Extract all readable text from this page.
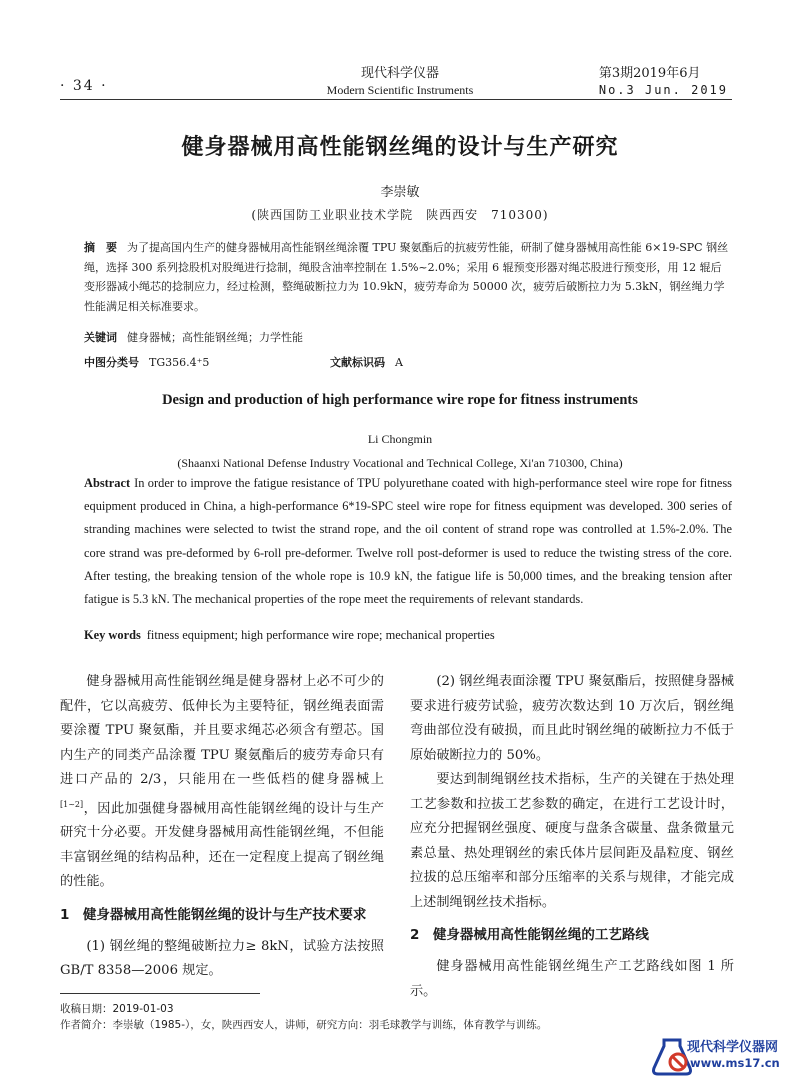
· 34 ·
现代科学仪器
Modern Scientific Instruments
第3期2019年6月
No.3 Jun. 2019
健身器械用高性能钢丝绳的设计与生产研究
李崇敏
(陕西国防工业职业技术学院　陕西西安　710300)
摘　要 为了提高国内生产的健身器械用高性能钢丝绳涂覆 TPU 聚氨酯后的抗疲劳性能，研制了健身器械用高性能 6×19-SPC 钢丝绳，选择 300 系列捻股机对股绳进行捻制，绳股含油率控制在 1.5%~2.0%；采用 6 辊预变形器对绳芯股进行预变形，用 12 辊后变形器减小绳芯的捻制应力，经过检测，整绳破断拉力为 10.9kN，疲劳寿命为 50000 次，疲劳后破断拉力为 5.3kN，钢丝绳力学性能满足相关标准要求。
关键词 健身器械；高性能钢丝绳；力学性能
中图分类号 TG356.4⁺5	文献标识码 A
Design and production of high performance wire rope for fitness instruments
Li Chongmin
(Shaanxi National Defense Industry Vocational and Technical College, Xi'an 710300, China)
Abstract In order to improve the fatigue resistance of TPU polyurethane coated with high-performance steel wire rope for fitness equipment produced in China, a high-performance 6*19-SPC steel wire rope for fitness equipment was developed. 300 series of stranding machines were selected to twist the strand rope, and the oil content of strand rope was controlled at 1.5%-2.0%. The core strand was pre-deformed by 6-roll pre-deformer. Twelve roll post-deformer is used to reduce the twisting stress of the core. After testing, the breaking tension of the whole rope is 10.9 kN, the fatigue life is 50,000 times, and the breaking tension after fatigue is 5.3 kN. The mechanical properties of the rope meet the requirements of relevant standards.
Key words fitness equipment; high performance wire rope; mechanical properties

健身器械用高性能钢丝绳是健身器材上必不可少的配件，它以高疲劳、低伸长为主要特征，钢丝绳表面需要涂覆 TPU 聚氨酯，并且要求绳芯必须含有塑芯。国内生产的同类产品涂覆 TPU 聚氨酯后的疲劳寿命只有进口产品的 2/3，只能用在一些低档的健身器械上[1~2]，因此加强健身器械用高性能钢丝绳的设计与生产研究十分必要。开发健身器械用高性能钢丝绳，不但能丰富钢丝绳的结构品种，还在一定程度上提高了钢丝绳的性能。

1　健身器械用高性能钢丝绳的设计与生产技术要求

(1) 钢丝绳的整绳破断拉力≥ 8kN，试验方法按照 GB/T 8358—2006 规定。

(2) 钢丝绳表面涂覆 TPU 聚氨酯后，按照健身器械要求进行疲劳试验，疲劳次数达到 10 万次后，钢丝绳弯曲部位没有破损，而且此时钢丝绳的破断拉力不低于原始破断拉力的 50%。

要达到制绳钢丝技术指标，生产的关键在于热处理工艺参数和拉拔工艺参数的确定，在进行工艺设计时，应充分把握钢丝强度、硬度与盘条含碳量、盘条微量元素总量、热处理钢丝的索氏体片层间距及晶粒度、钢丝拉拔的总压缩率和部分压缩率的关系与规律，才能完成上述制绳钢丝技术指标。

2　健身器械用高性能钢丝绳的工艺路线

健身器械用高性能钢丝绳生产工艺路线如图 1 所示。

收稿日期：2019-01-03
作者简介：李崇敏（1985-），女，陕西西安人，讲师，研究方向：羽毛球教学与训练，体育教学与训练。
现代科学仪器网
www.ms17.cn
